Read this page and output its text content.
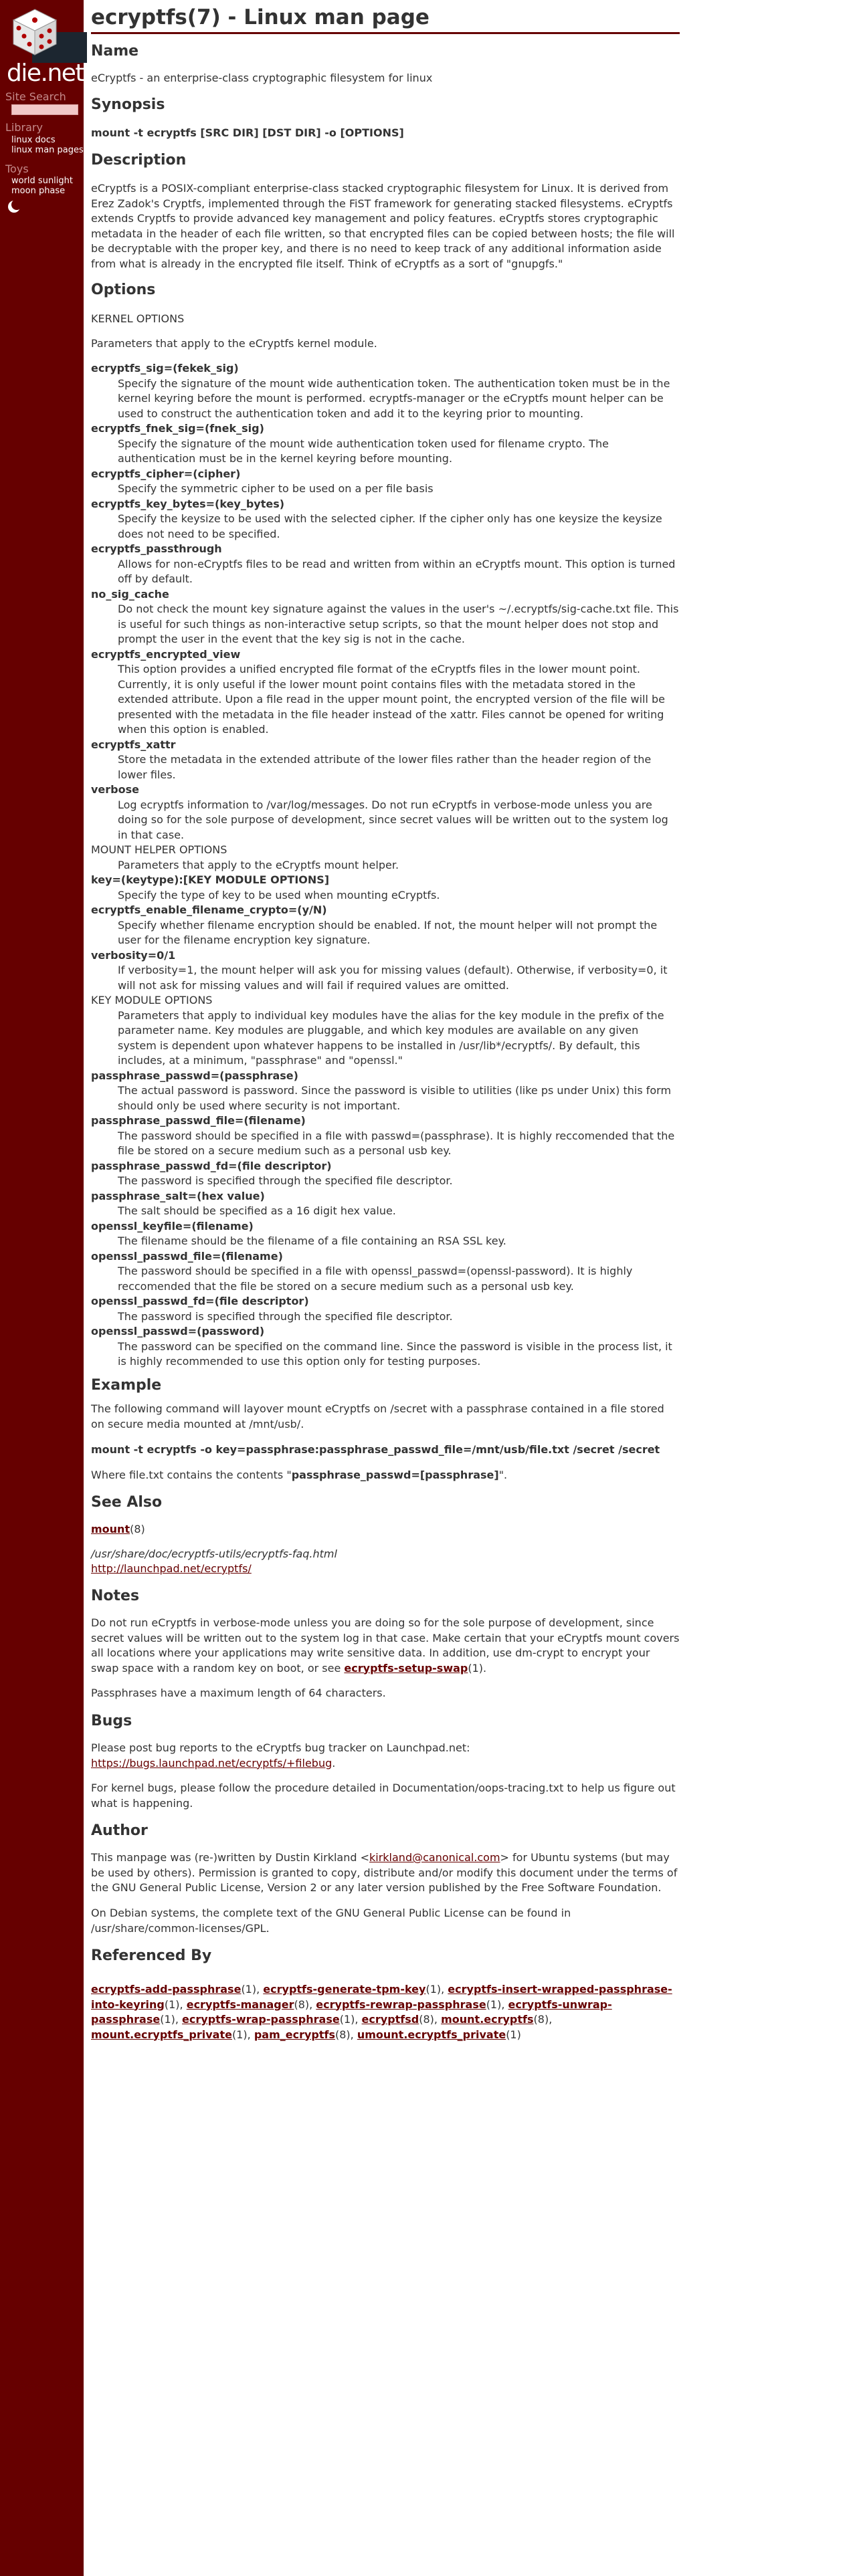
die.net
Site Search
Library
linux docs
linux man pages
Toys
world sunlight
moon phase
ecryptfs(7) - Linux man page
Name

eCryptfs - an enterprise-class cryptographic filesystem for linux

Synopsis

mount -t ecryptfs [SRC DIR] [DST DIR] -o [OPTIONS]

Description

eCryptfs is a POSIX-compliant enterprise-class stacked cryptographic filesystem for Linux. It is derived from Erez Zadok's Cryptfs, implemented through the FiST framework for generating stacked filesystems. eCryptfs extends Cryptfs to provide advanced key management and policy features. eCryptfs stores cryptographic metadata in the header of each file written, so that encrypted files can be copied between hosts; the file will be decryptable with the proper key, and there is no need to keep track of any additional information aside from what is already in the encrypted file itself. Think of eCryptfs as a sort of "gnupgfs."

Options

KERNEL OPTIONS

Parameters that apply to the eCryptfs kernel module.

ecryptfs_sig=(fekek_sig)
Specify the signature of the mount wide authentication token. The authentication token must be in the kernel keyring before the mount is performed. ecryptfs-manager or the eCryptfs mount helper can be used to construct the authentication token and add it to the keyring prior to mounting.
ecryptfs_fnek_sig=(fnek_sig)
Specify the signature of the mount wide authentication token used for filename crypto. The authentication must be in the kernel keyring before mounting.
ecryptfs_cipher=(cipher)
Specify the symmetric cipher to be used on a per file basis
ecryptfs_key_bytes=(key_bytes)
Specify the keysize to be used with the selected cipher. If the cipher only has one keysize the keysize does not need to be specified.
ecryptfs_passthrough
Allows for non-eCryptfs files to be read and written from within an eCryptfs mount. This option is turned off by default.
no_sig_cache
Do not check the mount key signature against the values in the user's ~/.ecryptfs/sig-cache.txt file. This is useful for such things as non-interactive setup scripts, so that the mount helper does not stop and prompt the user in the event that the key sig is not in the cache.
ecryptfs_encrypted_view
This option provides a unified encrypted file format of the eCryptfs files in the lower mount point. Currently, it is only useful if the lower mount point contains files with the metadata stored in the extended attribute. Upon a file read in the upper mount point, the encrypted version of the file will be presented with the metadata in the file header instead of the xattr. Files cannot be opened for writing when this option is enabled.
ecryptfs_xattr
Store the metadata in the extended attribute of the lower files rather than the header region of the lower files.
verbose
Log ecryptfs information to /var/log/messages. Do not run eCryptfs in verbose-mode unless you are doing so for the sole purpose of development, since secret values will be written out to the system log in that case.
MOUNT HELPER OPTIONS
Parameters that apply to the eCryptfs mount helper.
key=(keytype):[KEY MODULE OPTIONS]
Specify the type of key to be used when mounting eCryptfs.
ecryptfs_enable_filename_crypto=(y/N)
Specify whether filename encryption should be enabled. If not, the mount helper will not prompt the user for the filename encryption key signature.
verbosity=0/1
If verbosity=1, the mount helper will ask you for missing values (default). Otherwise, if verbosity=0, it will not ask for missing values and will fail if required values are omitted.
KEY MODULE OPTIONS
Parameters that apply to individual key modules have the alias for the key module in the prefix of the parameter name. Key modules are pluggable, and which key modules are available on any given system is dependent upon whatever happens to be installed in /usr/lib*/ecryptfs/. By default, this includes, at a minimum, "passphrase" and "openssl."
passphrase_passwd=(passphrase)
The actual password is password. Since the password is visible to utilities (like ps under Unix) this form should only be used where security is not important.
passphrase_passwd_file=(filename)
The password should be specified in a file with passwd=(passphrase). It is highly reccomended that the file be stored on a secure medium such as a personal usb key.
passphrase_passwd_fd=(file descriptor)
The password is specified through the specified file descriptor.
passphrase_salt=(hex value)
The salt should be specified as a 16 digit hex value.
openssl_keyfile=(filename)
The filename should be the filename of a file containing an RSA SSL key.
openssl_passwd_file=(filename)
The password should be specified in a file with openssl_passwd=(openssl-password). It is highly reccomended that the file be stored on a secure medium such as a personal usb key.
openssl_passwd_fd=(file descriptor)
The password is specified through the specified file descriptor.
openssl_passwd=(password)
The password can be specified on the command line. Since the password is visible in the process list, it is highly recommended to use this option only for testing purposes.
Example

The following command will layover mount eCryptfs on /secret with a passphrase contained in a file stored on secure media mounted at /mnt/usb/.

mount -t ecryptfs -o key=passphrase:passphrase_passwd_file=/mnt/usb/file.txt /secret /secret

Where file.txt contains the contents "passphrase_passwd=[passphrase]".

See Also

mount(8)

/usr/share/doc/ecryptfs-utils/ecryptfs-faq.html

http://launchpad.net/ecryptfs/

Notes

Do not run eCryptfs in verbose-mode unless you are doing so for the sole purpose of development, since secret values will be written out to the system log in that case. Make certain that your eCryptfs mount covers all locations where your applications may write sensitive data. In addition, use dm-crypt to encrypt your swap space with a random key on boot, or see ecryptfs-setup-swap(1).

Passphrases have a maximum length of 64 characters.

Bugs

Please post bug reports to the eCryptfs bug tracker on Launchpad.net:
https://bugs.launchpad.net/ecryptfs/+filebug.

For kernel bugs, please follow the procedure detailed in Documentation/oops-tracing.txt to help us figure out what is happening.

Author

This manpage was (re-)written by Dustin Kirkland <kirkland@canonical.com> for Ubuntu systems (but may be used by others). Permission is granted to copy, distribute and/or modify this document under the terms of the GNU General Public License, Version 2 or any later version published by the Free Software Foundation.

On Debian systems, the complete text of the GNU General Public License can be found in /usr/share/common-licenses/GPL.

Referenced By
ecryptfs-add-passphrase(1), ecryptfs-generate-tpm-key(1), ecryptfs-insert-wrapped-passphrase-into-keyring(1), ecryptfs-manager(8), ecryptfs-rewrap-passphrase(1), ecryptfs-unwrap-passphrase(1), ecryptfs-wrap-passphrase(1), ecryptfsd(8), mount.ecryptfs(8), mount.ecryptfs_private(1), pam_ecryptfs(8), umount.ecryptfs_private(1)
